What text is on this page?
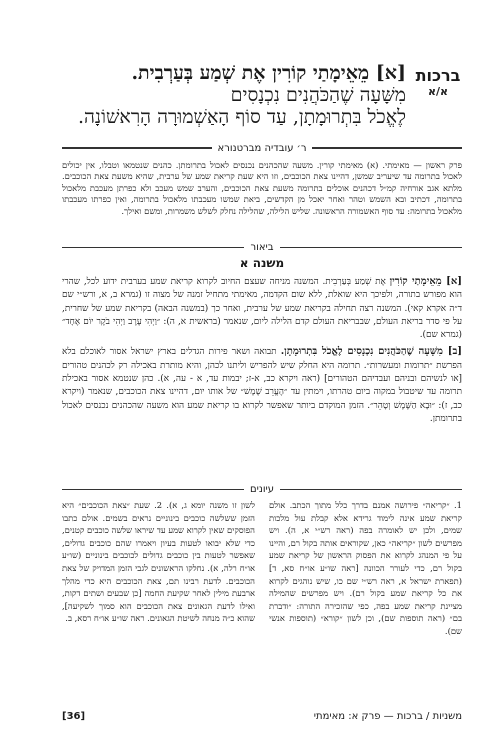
ברכות
א/א
[א] מֵאֵימָתַי קוֹרִין אֶת שְׁמַע בְּעַרְבִית.
מִשָּׁעָה שֶׁהַכֹּהֲנִים נִכְנָסִים
לֶאֱכֹל בִּתְרוּמָתָן, עַד סוֹף הָאַשְׁמוּרָה הָרִאשׁוֹנָה.
ר׳ עובדיה מברטנורא
פרק ראשון — מאימתי. (א) מאימתי קורין. משעה שהכהנים נכנסים לאכול בתרומתן. כהנים שנטמאו וטבלו, אין יכולים לאכול בתרומה עד שיעריב שמשן, דהיינו צאת הכוכבים, וזו היא שעת קריאת שמע של ערבית, שהיא משעת צאת הכוכבים. מלתא אגב אורחיה קמ״ל דכהנים אוכלים בתרומה משעת צאת הכוכבים, והערב שמש מעכב ולא כפרתן מעכבת מלאכול בתרומה, דכתיב ובא השמש וטהר ואחר יאכל מן הקדשים, ביאת שמשו מעכבתו מלאכול בתרומה, ואין כפרתו מעכבתו מלאכול בתרומה: עד סוף האשמורה הראשונה. שליש הלילה, שהלילה נחלק לשלש משמרות, ומשם ואילך.
ביאור
משנה א

[א] מֵאֵימָתַי קוֹרִין אֶת שְׁמַע בְּעַרְבִית. המשנה מניחה שעצם החיוב לקרוא קריאת שמע בערבית ידוע לכל, שהרי הוא מפורש בתורה, ולפיכך היא שואלת, ללא שום הקדמה, מאימתי מתחיל זמנה של מצוה זו (גמרא ב, א, ורש״י שם ד״ה אקרא קאי). המשנה רצה תחילה בקריאת שמע של ערבית, ואחר כך (במשנה הבאה) בקריאת שמע של שחרית, על פי סדר בריאת העולם, שבבריאת העולם קדם הלילה ליום, שנאמר (בראשית א, ה): ״וַיְהִי עֶרֶב וַיְהִי בֹקֶר יוֹם אֶחָד״ (גמרא שם).

[ב] מִשָּׁעָה שֶׁהַכֹּהֲנִים נִכְנָסִים לֶאֱכֹל בִּתְרוּמָתָן. תבואה ושאר פירות הגדלים בארץ ישראל אסור לאוכלם בלא הפרשת ״תרומות ומעשרות״. תרומה היא החלק שיש להפריש וליתנו לכהן, והיא מותרת באכילה רק לכהנים טהורים [או לנשיהם ובניהם ועבדיהם הטהורים] (ראה ויקרא כב, א-ז; יבמות עד, א - עה, א). כהן שנטמא אסור באכילת תרומה עד שיטבול במקוה ביום טהרתו, וימתין עד ״הֶעֱרֵב שֶׁמֶשׁ״ של אותו יום, דהיינו צאת הכוכבים, שנאמר (ויקרא כב, ז): ״וּבָא הַשֶּׁמֶשׁ וְטָהֵר״. הזמן המוקדם ביותר שאפשר לקרוא בו קריאת שמע הוא משעה שהכהנים נכנסים לאכול בתרומתן.

עיונים
1. ״קריאה״ פירושה אמנם בדרך כלל מתוך הכתב. אולם קריאת שמע אינה לימוד גרידא אלא קבלת עול מלכות שמים, ולכן יש לאומרה בפה (ראה רש״י א, ה). ויש מפרשים לשון ״קריאה״ כאן, שקוראים אותה בקול רם, והיינו על פי המנהג לקרוא את הפסוק הראשון של קריאת שמע בקול רם, כדי לעורר הכוונה [ראה שו״ע או״ח סא, ד] (תפארת ישראל א, ראה רש״י שם כו, שיש נוהגים לקרוא את כל קריאת שמע בקול רם). ויש מפרשים שהמילה מציינת קריאת שמע בפה, כפי שהזכירה התורה: ״ודברת בם״ (ראה תוספות שם), וכן לשון ״קורא״ (תוספות אנשי שם).
לשון זו משנה יומא ג, א). 2. שעת ״צאת הכוכבים״ היא הזמן ששלשה כוכבים בינוניים נראים בשמים. אולם כתבו הפוסקים שאין לקרוא שמע עד שיראו שלשה כוכבים קטנים, כדי שלא יבואו לטעות בעיון ויאמרו שהם כוכבים גדולים, שאפשר לטעות בין כוכבים גדולים לכוכבים בינוניים (שו״ע או״ח רלה, א). נחלקו הראשונים לגבי הזמן המדויק של צאת הכוכבים. לדעת רבינו תם, צאת הכוכבים היא כדי מהלך ארבעת מילין לאחר שקיעת החמה [כן שבעים ושתים דקות, ואילו לדעת הגאונים צאת הכוכבים הוא סמוך לשקיעה], שהוא כ״ה מנחה לשיטת הגאונים. ראה שו״ע או״ח רסא, ב.
[36]	משניות / ברכות — פרק א: מאימתי
